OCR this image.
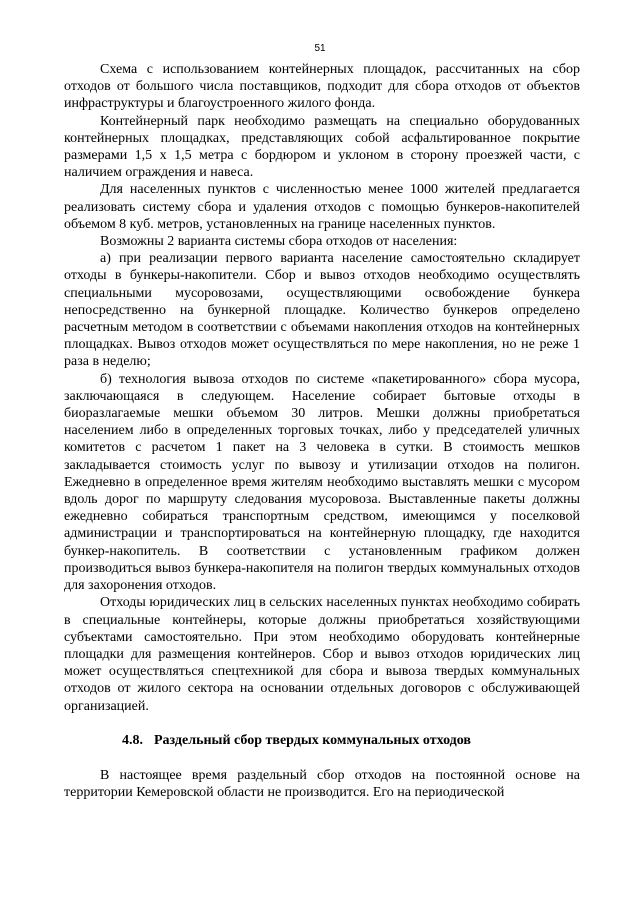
51

Схема с использованием контейнерных площадок, рассчитанных на сбор отходов от большого числа поставщиков, подходит для сбора отходов от объектов инфраструктуры и благоустроенного жилого фонда.

Контейнерный парк необходимо размещать на специально оборудованных контейнерных площадках, представляющих собой асфальтированное покрытие размерами 1,5 х 1,5 метра с бордюром и уклоном в сторону проезжей части, с наличием ограждения и навеса.

Для населенных пунктов с численностью менее 1000 жителей предлагается реализовать систему сбора и удаления отходов с помощью бункеров-накопителей объемом 8 куб. метров, установленных на границе населенных пунктов.

Возможны 2 варианта системы сбора отходов от населения:

а) при реализации первого варианта население самостоятельно складирует отходы в бункеры-накопители. Сбор и вывоз отходов необходимо осуществлять специальными мусоровозами, осуществляющими освобождение бункера непосредственно на бункерной площадке. Количество бункеров определено расчетным методом в соответствии с объемами накопления отходов на контейнерных площадках. Вывоз отходов может осуществляться по мере накопления, но не реже 1 раза в неделю;

б) технология вывоза отходов по системе «пакетированного» сбора мусора, заключающаяся в следующем. Население собирает бытовые отходы в биоразлагаемые мешки объемом 30 литров. Мешки должны приобретаться населением либо в определенных торговых точках, либо у председателей уличных комитетов с расчетом 1 пакет на 3 человека в сутки. В стоимость мешков закладывается стоимость услуг по вывозу и утилизации отходов на полигон. Ежедневно в определенное время жителям необходимо выставлять мешки с мусором вдоль дорог по маршруту следования мусоровоза. Выставленные пакеты должны ежедневно собираться транспортным средством, имеющимся у поселковой администрации и транспортироваться на контейнерную площадку, где находится бункер-накопитель. В соответствии с установленным графиком должен производиться вывоз бункера-накопителя на полигон твердых коммунальных отходов для захоронения отходов.

Отходы юридических лиц в сельских населенных пунктах необходимо собирать в специальные контейнеры, которые должны приобретаться хозяйствующими субъектами самостоятельно. При этом необходимо оборудовать контейнерные площадки для размещения контейнеров. Сбор и вывоз отходов юридических лиц может осуществляться спецтехникой для сбора и вывоза твердых коммунальных отходов от жилого сектора на основании отдельных договоров с обслуживающей организацией.

4.8. Раздельный сбор твердых коммунальных отходов

В настоящее время раздельный сбор отходов на постоянной основе на территории Кемеровской области не производится. Его на периодической
